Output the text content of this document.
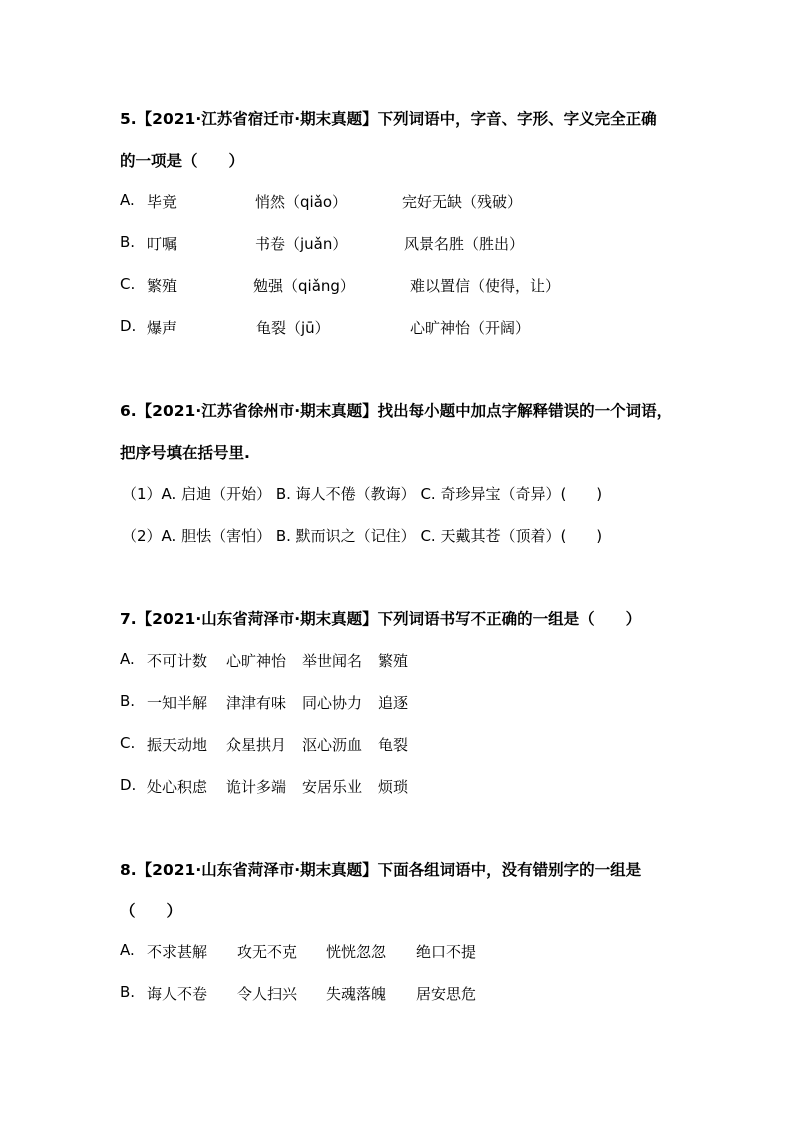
5.【2021·江苏省宿迁市·期末真题】下列词语中，字音、字形、字义完全正确
的一项是（　　）
A. 毕竟	悄然（qiǎo）	完好无缺（残破）
B. 叮嘱	书卷（juǎn）	风景名胜（胜出）
C. 繁殖	勉强（qiǎng）	难以置信（使得，让）
D. 爆声	龟裂（jū）	心旷神怡（开阔）
6.【2021·江苏省徐州市·期末真题】找出每小题中加点字解释错误的一个词语，
把序号填在括号里.
（1）A. 启迪（开始） B. 诲人不倦（教诲） C. 奇珍异宝（奇异）(　　)
（2）A. 胆怯（害怕） B. 默而识之（记住） C. 天戴其苍（顶着）(　　)
7.【2021·山东省菏泽市·期末真题】下列词语书写不正确的一组是（　　）
A. 不可计数 心旷神怡 举世闻名 繁殖
B. 一知半解 津津有味 同心协力 追逐
C. 振天动地 众星拱月 沤心沥血 龟裂
D. 处心积虑 诡计多端 安居乐业 烦琐
8.【2021·山东省菏泽市·期末真题】下面各组词语中，没有错别字的一组是
（　　）
A. 不求甚解 攻无不克 恍恍忽忽 绝口不提
B. 诲人不卷 令人扫兴 失魂落魄 居安思危
